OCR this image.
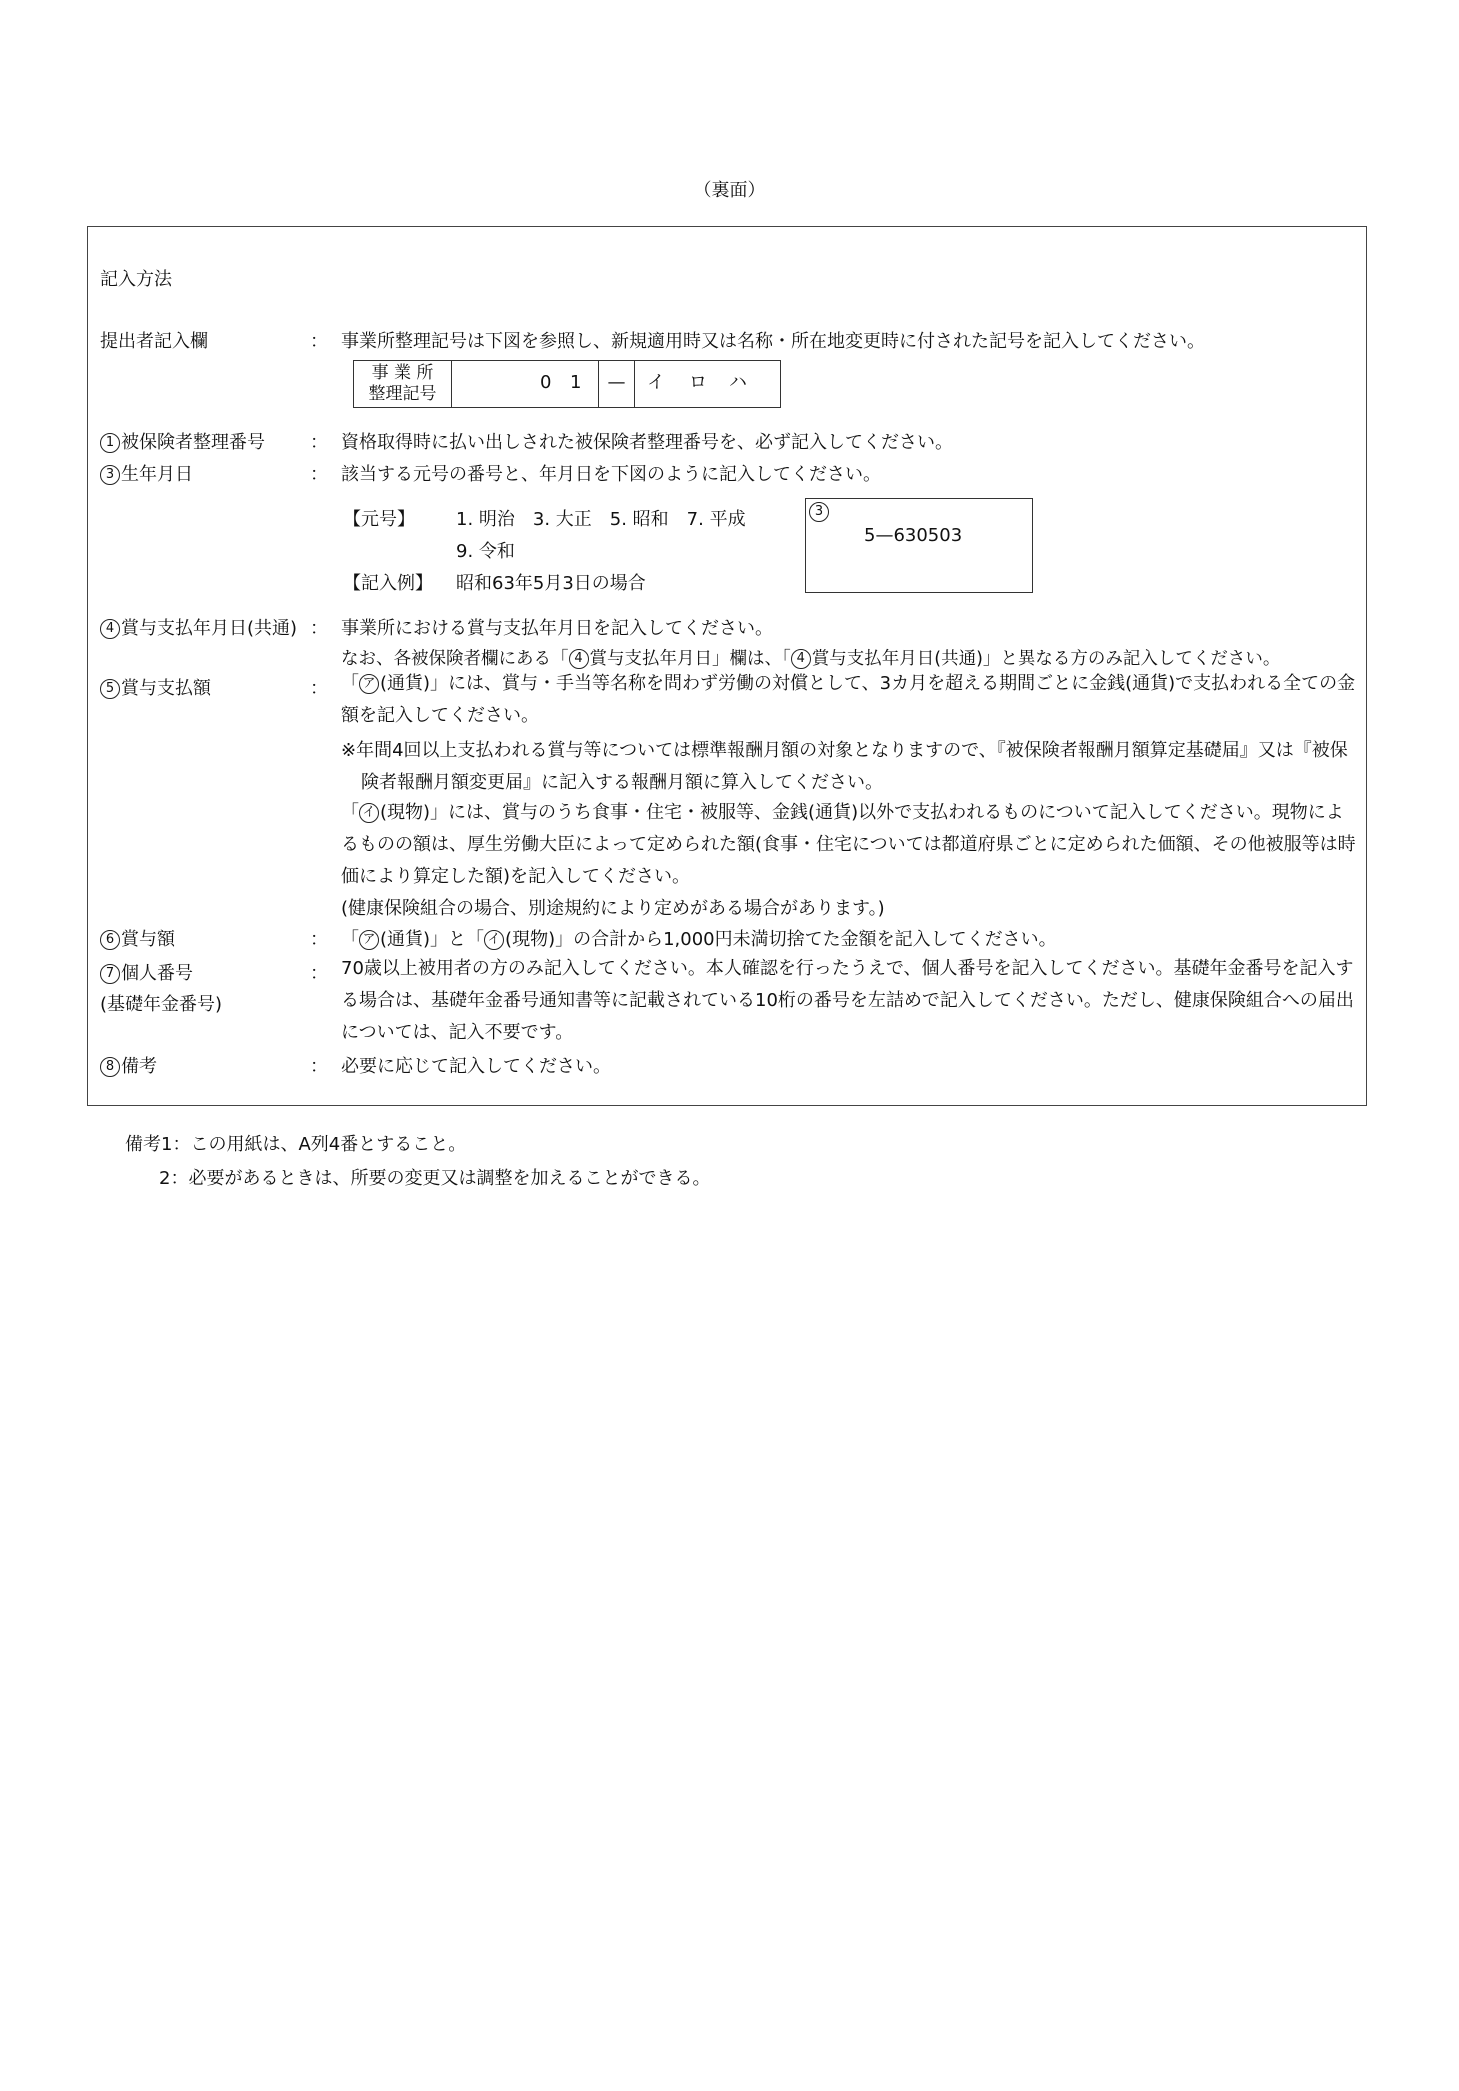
（裏面）
記入方法
提出者記入欄	： 事業所整理記号は下図を参照し、新規適用時又は名称・所在地変更時に付された記号を記入してください。
事 業 所
整理記号
0 1	—	イ ロ ハ
1 被保険者整理番号	： 資格取得時に払い出しされた被保険者整理番号を、必ず記入してください。
3 生年月日	： 該当する元号の番号と、年月日を下図のように記入してください。
【元号】 1. 明治　3. 大正　5. 昭和　7. 平成
9. 令和
【記入例】 昭和63年5月3日の場合
3
5—630503
4 賞与支払年月日(共通) ： 事業所における賞与支払年月日を記入してください。
なお、各被保険者欄にある「 4 賞与支払年月日」欄は、「 4 賞与支払年月日(共通)」と異なる方のみ記入してください。
5 賞与支払額	： 「 ア (通貨)」には、賞与・手当等名称を問わず労働の対償として、3カ月を超える期間ごとに金銭(通貨)で支払われる全ての金額を記入してください。
※年間4回以上支払われる賞与等については標準報酬月額の対象となりますので、『被保険者報酬月額算定基礎届』又は『被保険者報酬月額変更届』に記入する報酬月額に算入してください。
「 イ (現物)」には、賞与のうち食事・住宅・被服等、金銭(通貨)以外で支払われるものについて記入してください。現物によるものの額は、厚生労働大臣によって定められた額(食事・住宅については都道府県ごとに定められた価額、その他被服等は時価により算定した額)を記入してください。
(健康保険組合の場合、別途規約により定めがある場合があります。)
6 賞与額	： 「 ア (通貨)」と「 イ (現物)」の合計から1,000円未満切捨てた金額を記入してください。
7 個人番号
(基礎年金番号)
： 70歳以上被用者の方のみ記入してください。本人確認を行ったうえで、個人番号を記入してください。基礎年金番号を記入する場合は、基礎年金番号通知書等に記載されている10桁の番号を左詰めで記入してください。ただし、健康保険組合への届出については、記入不要です。
8 備考	： 必要に応じて記入してください。
備考1：この用紙は、A列4番とすること。
2：必要があるときは、所要の変更又は調整を加えることができる。
